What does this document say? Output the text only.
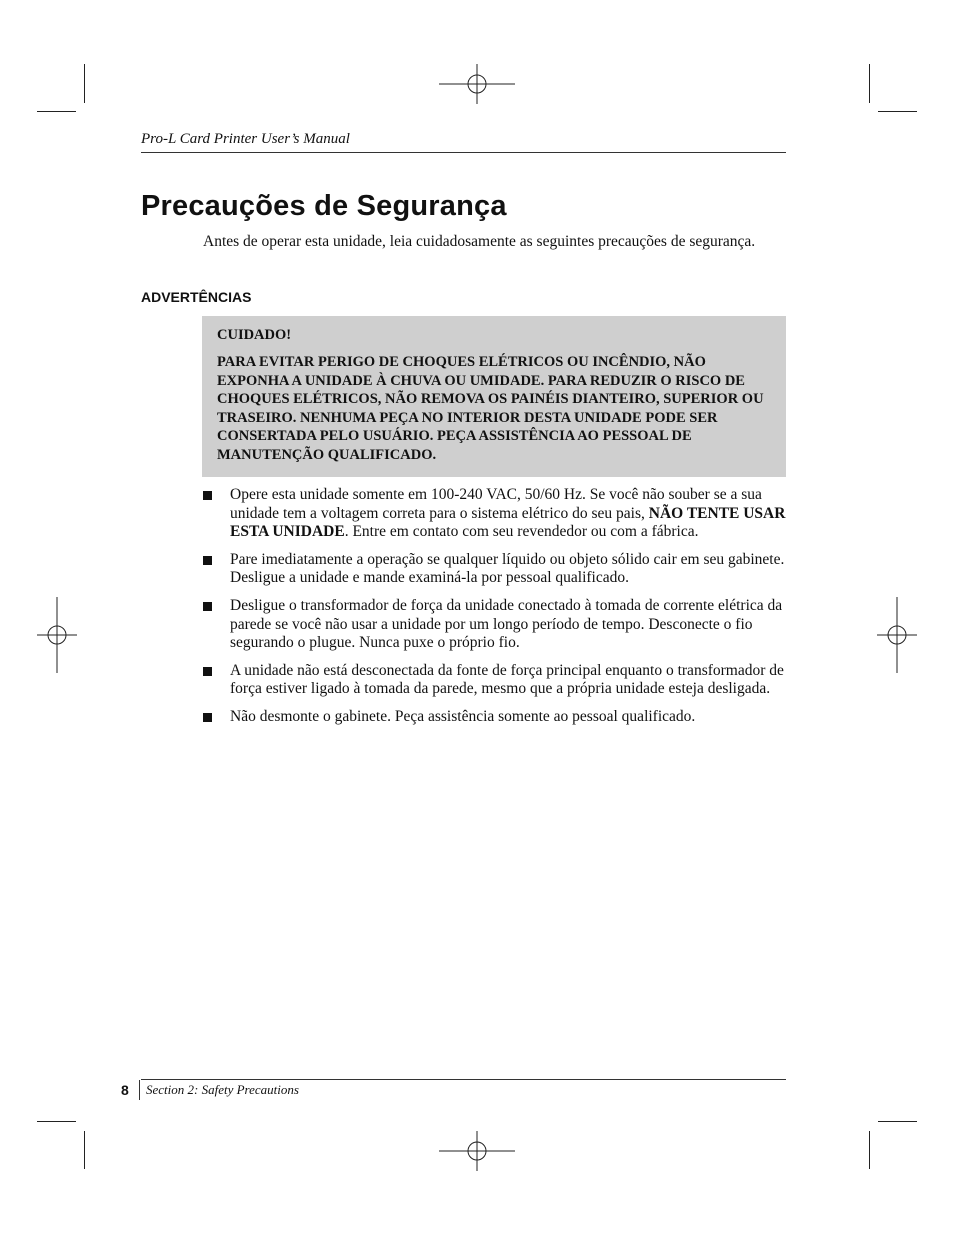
Pro-L Card Printer User’s Manual
Precauções de Segurança

Antes de operar esta unidade, leia cuidadosamente as seguintes precauções de segurança.

ADVERTÊNCIAS

CUIDADO!

PARA EVITAR PERIGO DE CHOQUES ELÉTRICOS OU INCÊNDIO, NÃO EXPONHA A UNIDADE À CHUVA OU UMIDADE. PARA REDUZIR O RISCO DE CHOQUES ELÉTRICOS, NÃO REMOVA OS PAINÉIS DIANTEIRO, SUPERIOR OU TRASEIRO. NENHUMA PEÇA NO INTERIOR DESTA UNIDADE PODE SER CONSERTADA PELO USUÁRIO. PEÇA ASSISTÊNCIA AO PESSOAL DE MANUTENÇÃO QUALIFICADO.

Opere esta unidade somente em 100-240 VAC, 50/60 Hz. Se você não souber se a sua unidade tem a voltagem correta para o sistema elétrico do seu pais, NÃO TENTE USAR ESTA UNIDADE. Entre em contato com seu revendedor ou com a fábrica.
Pare imediatamente a operação se qualquer líquido ou objeto sólido cair em seu gabinete. Desligue a unidade e mande examiná-la por pessoal qualificado.
Desligue o transformador de força da unidade conectado à tomada de corrente elétrica da parede se você não usar a unidade por um longo período de tempo. Desconecte o fio segurando o plugue. Nunca puxe o próprio fio.
A unidade não está desconectada da fonte de força principal enquanto o transformador de força estiver ligado à tomada da parede, mesmo que a própria unidade esteja desligada.
Não desmonte o gabinete. Peça assistência somente ao pessoal qualificado.
8 Section 2: Safety Precautions
